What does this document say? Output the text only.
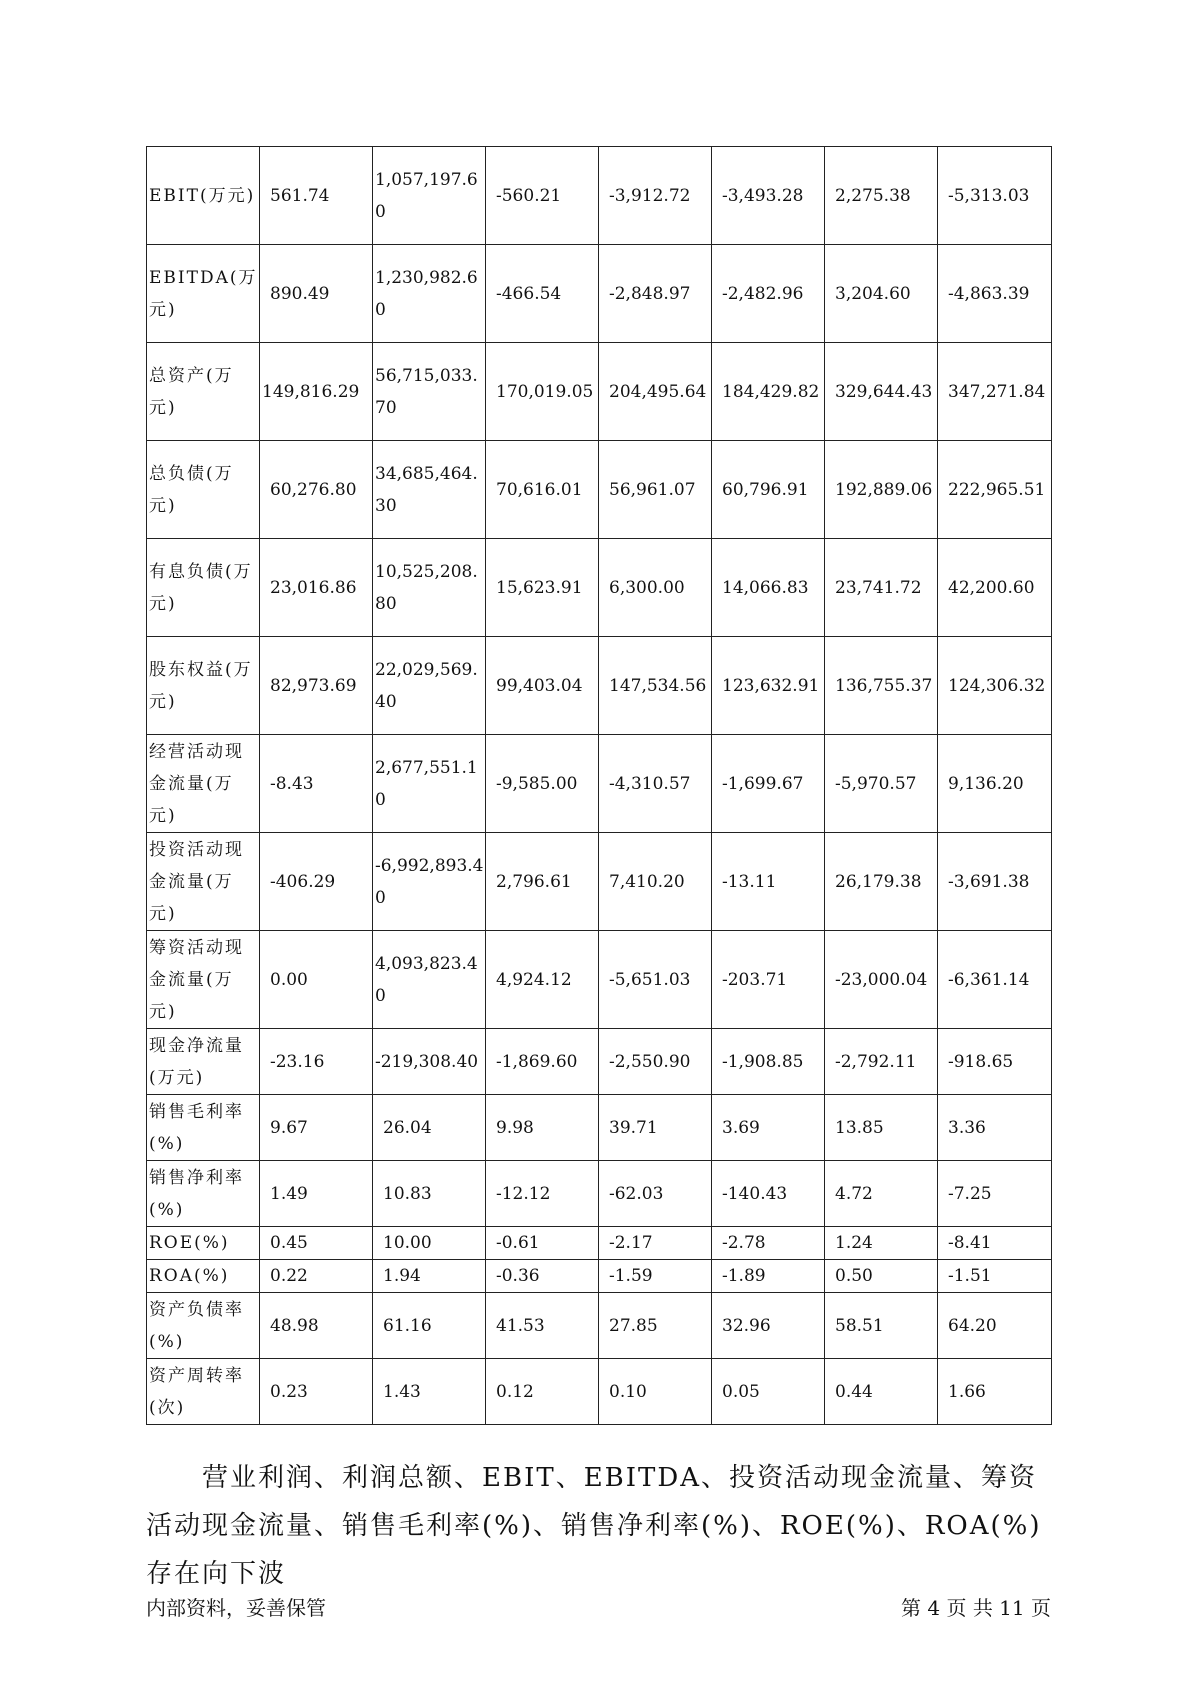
EBIT(万元)	561.74	1,057,197.60	-560.21	-3,912.72	-3,493.28	2,275.38	-5,313.03
EBITDA(万元)	890.49	1,230,982.60	-466.54	-2,848.97	-2,482.96	3,204.60	-4,863.39
总资产(万元)	149,816.29	56,715,033.70	170,019.05	204,495.64	184,429.82	329,644.43	347,271.84
总负债(万元)	60,276.80	34,685,464.30	70,616.01	56,961.07	60,796.91	192,889.06	222,965.51
有息负债(万元)	23,016.86	10,525,208.80	15,623.91	6,300.00	14,066.83	23,741.72	42,200.60
股东权益(万元)	82,973.69	22,029,569.40	99,403.04	147,534.56	123,632.91	136,755.37	124,306.32
经营活动现金流量(万元)	-8.43	2,677,551.10	-9,585.00	-4,310.57	-1,699.67	-5,970.57	9,136.20
投资活动现金流量(万元)	-406.29	-6,992,893.40	2,796.61	7,410.20	-13.11	26,179.38	-3,691.38
筹资活动现金流量(万元)	0.00	4,093,823.40	4,924.12	-5,651.03	-203.71	-23,000.04	-6,361.14
现金净流量(万元)	-23.16	-219,308.40	-1,869.60	-2,550.90	-1,908.85	-2,792.11	-918.65
销售毛利率(%)	9.67	26.04	9.98	39.71	3.69	13.85	3.36
销售净利率(%)	1.49	10.83	-12.12	-62.03	-140.43	4.72	-7.25
ROE(%)	0.45	10.00	-0.61	-2.17	-2.78	1.24	-8.41
ROA(%)	0.22	1.94	-0.36	-1.59	-1.89	0.50	-1.51
资产负债率(%)	48.98	61.16	41.53	27.85	32.96	58.51	64.20
资产周转率(次)	0.23	1.43	0.12	0.10	0.05	0.44	1.66

营业利润、利润总额、EBIT、EBITDA、投资活动现金流量、筹资活动现金流量、销售毛利率(%)、销售净利率(%)、ROE(%)、ROA(%)存在向下波

内部资料，妥善保管	第 4 页 共 11 页
